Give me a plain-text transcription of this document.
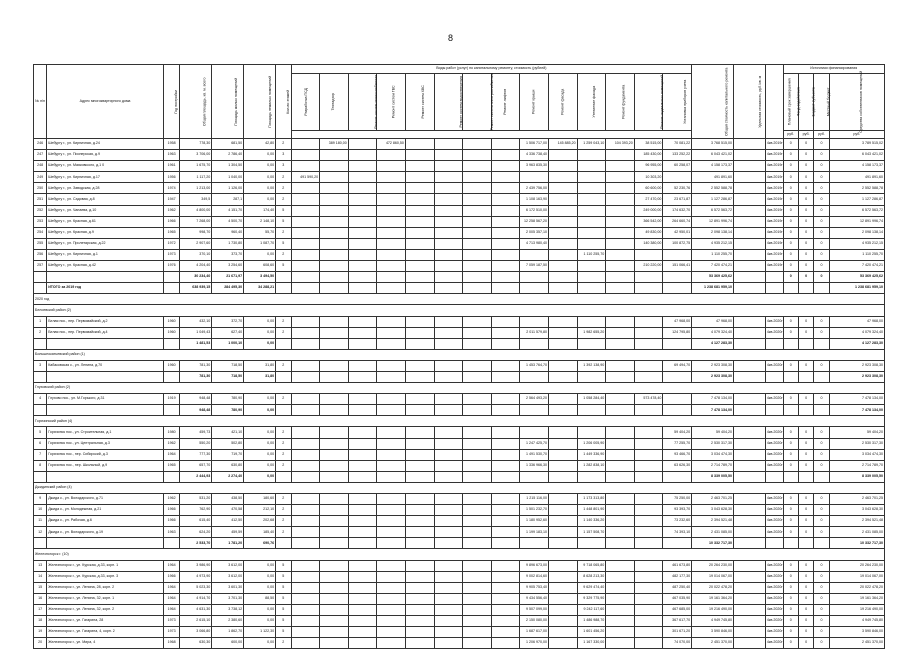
8
№ п/п	Адрес многоквартирного дома	Год постройки	Общая площадь, кв. м. всего	Площадь жилых помещений	Площадь нежилых помещений	Кол-во этажей	Виды работ (услуг) по капитальному ремонту, стоимость (рублей)														Общая стоимость капитального ремонта	Удельная стоимость, руб./кв. м	Плановый срок завершения	Источники финансирования			
							Разработка ПСД	Технадзор	Ремонт систем теплоснабжения	Ремонт систем ГВС	Ремонт систем ХВС	Ремонт систем водоотведения	Ремонт систем электроснабжения	Ремонт лифтов	Ремонт крыши	Ремонт фасада	Утепление фасада	Ремонт фундамента	Ремонт подвальных помещений	Установка приборов учета				Фонд содействия	Бюджет субъекта	Местный бюджет	Средства собственников помещений
																								руб.	руб.	руб.	руб.
246	Шебургу г., ул. Кирпичная, д.24	1958	778,30	681,50	42,80	2		389 180,00		472 860,50					1 506 717,00	145 885,20	1 259 043,10	104 393,20	38 515,00	70 081,22	3 768 515,00		4кв.2019г	0	0	0	3 789 515,02
247	Шебургу г., ул. Пионерская, д.9	1963	3 706,00	2 786,40	0,00	3									4 336 738,40				185 430,00	133 252,22	6 043 421,02		4кв.2019г	0	0	0	6 043 421,02
248	Шебургу г., ул. Маяковского, д.1 0	1961	1 675,70	1 304,50	0,00	3									3 963 835,30				96 955,00	60 258,07	4 158 173,37		4кв.2019г	0	0	0	4 158 173,37
249	Шебургу г., ул. Кирпичная, д.17	1956	1 117,20	1 040,00	0,00	2	491 590,20												10 303,20		491 891,60		4кв.2019г	0	0	0	491 891,60
250	Шебургу г., ул. Заводская, д.28	1974	1 213,00	1 126,00	0,00	2									2 439 756,00				60 600,00	52 230,76	2 552 588,78		4кв.2019г	0	0	0	2 552 588,78
251	Шебургу г., ул. Садовая, д.8	1947	349,5	287,1	0,00	2									1 108 163,90				27 470,00	23 671,87	1 127 286,87		4кв.2019г	0	0	0	1 127 286,87
252	Шебургу г., ул. Чапаева, д.10	1962	4 800,00	4 151,70	174,40	5									6 172 510,00				249 000,00	174 632,70	6 572 563,72		4кв.2019г	0	0	0	6 572 563,72
253	Шебургу г., ул. Красная, д.61	1966	7 268,00	4 500,70	2 148,10	5									12 258 567,20				366 542,00	264 660,74	12 891 996,74		4кв.2019г	0	0	0	12 891 996,74
254	Шебургу г., ул. Красная, д.9	1965	998,70	960,40	55,70	2									2 005 357,10				49 830,00	42 950,01	2 098 138,14		4кв.2019г	0	0	0	2 098 138,14
255	Шебургу г., ул. Пролетарская, д.22	1972	2 907,60	1 730,80	1 087,70	5									4 713 980,40				140 380,00	100 872,75	4 935 212,15		4кв.2019г	0	0	0	4 935 212,15
256	Шебургу г., ул. Кирпичная, д.1	1973	370,10	373,70	0,00	2											1 110 255,70				1 110 255,70		4кв.2019г	0	0	0	1 110 255,70
257	Шебургу г., ул. Красная, д.42	1976	4 204,40	3 254,60	608,60	5									7 059 187,50				210 220,00	151 066,41	7 420 474,21		4кв.2019г	0	0	0	7 420 474,21
			30 234,40	21 671,97	3 494,50																53 369 425,62			0	0	0	53 369 425,62
	ИТОГО за 2019 год		638 939,15	284 495,30	34 288,21																1 238 681 959,10						1 238 681 959,10
2020 год																											
Белоевский район (2)																											
1	Белая пос., пер. Первомайский, д.2	1960	432,10	372,70	0,00	2														47 968,00	47 968,00		4кв.2020г	0	0	0	47 968,00
2	Белая пос., пер. Первомайский, д.4	1960	1 049,43	627,40	0,00	2									2 011 579,80		1 982 655,20			124 795,80	4 079 324,40		4кв.2020г	0	0	0	4 079 324,40
			1 481,53	1 000,10	0,00																4 127 283,30						4 127 283,30
Большеокатьевский район (1)																											
3	Кабаковская с., ул. Ленина, д.70	1960	781,30	718,50	31,80	2									1 453 764,70		1 392 138,90			69 494,70	2 923 308,30		4кв.2020г	0	0	0	2 923 308,30
			781,30	718,50	31,80																2 923 308,30						2 923 308,30
Глуховский район (2)																											
4	Глухово пос., ул. М.Горького, д.31	1919	948,48	780,90	0,00	2									2 564 493,20		1 058 284,40		573 478,40		7 478 134,00		4кв.2020г	0	0	0	7 478 134,00
			948,48	780,90	0,00																7 478 134,00						7 478 134,00
Горячинский район (4)																											
5	Горячинск пос., ул. Строительная, д.1	1980	459,73	421,10	0,00	2														59 404,20	59 404,20		4кв.2020г	0	0	0	59 404,20
6	Горячинск пос., ул. Центральная, д.3	1962	550,20	502,80	0,00	2									1 247 425,70		1 206 005,90			77 255,70	2 530 317,30		4кв.2020г	0	0	0	2 530 317,30
7	Горячинск пос., пер. Сибирский, д.3	1964	777,30	719,70	0,00	2									1 491 530,70		1 449 336,90			93 466,70	3 034 474,30		4кв.2020г	0	0	0	3 034 474,30
8	Горячинск пос., пер. Школьный, д.9	1965	657,70	630,80	0,00	2									1 336 966,30		1 282 838,10			63 626,30	2 714 789,70		4кв.2020г	0	0	0	2 714 789,70
			2 444,93	2 274,40	0,00																8 339 005,50						8 339 005,50
Джидинский район (4)																											
9	Джида с., ул. Володарского, д.71	1962	531,20	438,50	180,60	2									1 215 116,00		1 173 313,80			75 250,00	2 463 701,25		4кв.2020г	0	0	0	2 463 701,25
10	Джида с., ул. Молодежная, д.21	1966	762,90	470,58	212,10	2									1 501 232,70		1 448 801,90			93 393,70	3 043 628,30		4кв.2020г	0	0	0	3 043 628,30
11	Джида с., ул. Рабочая, д.6	1966	615,40	412,50	202,68	2									1 180 952,60		1 140 336,20			73 232,60	2 394 521,48		4кв.2020г	0	0	0	2 394 521,48
12	Джида с., ул. Володарского, д.19	1963	624,20	459,59	185,40	2									1 199 183,10		1 157 508,70			74 393,10	2 431 085,00		4кв.2020г	0	0	0	2 431 085,00
			2 533,70	1 781,20	690,76																10 332 717,30						10 332 717,30
Железногорск г. (10)																											
13	Железногорск г., ул. Курская, д.33, корп. 1	1964	3 986,90	3 612,00	0,00	5									9 896 673,00		9 718 065,80			461 673,80	20 264 230,00		4кв.2020г	0	0	0	20 264 230,00
14	Железногорск г., ул. Курская, д.33, корп. 3	1966	4 973,90	3 612,00	0,00	5									9 002 814,60		8 628 213,30			482 177,30	19 014 067,00		4кв.2020г	0	0	0	19 014 067,00
15	Железногорск г., ул. Ленина, 28, корп. 2	1964	5 023,30	3 601,30	0,00	5									9 905 753,40		9 629 474,40			487 250,40	20 022 478,20		4кв.2020г	0	0	0	20 022 478,20
16	Железногорск г., ул. Ленина, 32, корп. 1	1964	4 914,70	3 701,30	88,50	5									9 434 556,40		9 329 775,90			467 035,90	19 161 364,20		4кв.2020г	0	0	0	19 161 364,20
17	Железногорск г., ул. Ленина, 32, корп. 2	1964	4 631,30	3 738,12	0,00	5									9 507 099,00		9 242 117,60			467 685,00	19 216 490,00		4кв.2020г	0	0	0	19 216 490,00
18	Железногорск г., ул. Гагарина, 28	1973	2 615,10	2 380,60	0,00	5									2 150 080,00		1 486 988,70			367 617,70	4 949 745,80		4кв.2020г	0	0	0	4 949 745,80
19	Железногорск г., ул. Гагарина, 4, корп. 2	1973	3 066,80	1 862,70	1 122,30	5									1 687 617,00		1 601 456,20			301 671,20	3 590 846,00		4кв.2020г	0	0	0	3 590 846,00
20	Железногорск г., ул. Мира, 4	1968	630,30	600,00	0,00	2									1 206 970,00		1 167 330,00			74 070,00	2 451 370,00		4кв.2020г	0	0	0	2 451 370,00
